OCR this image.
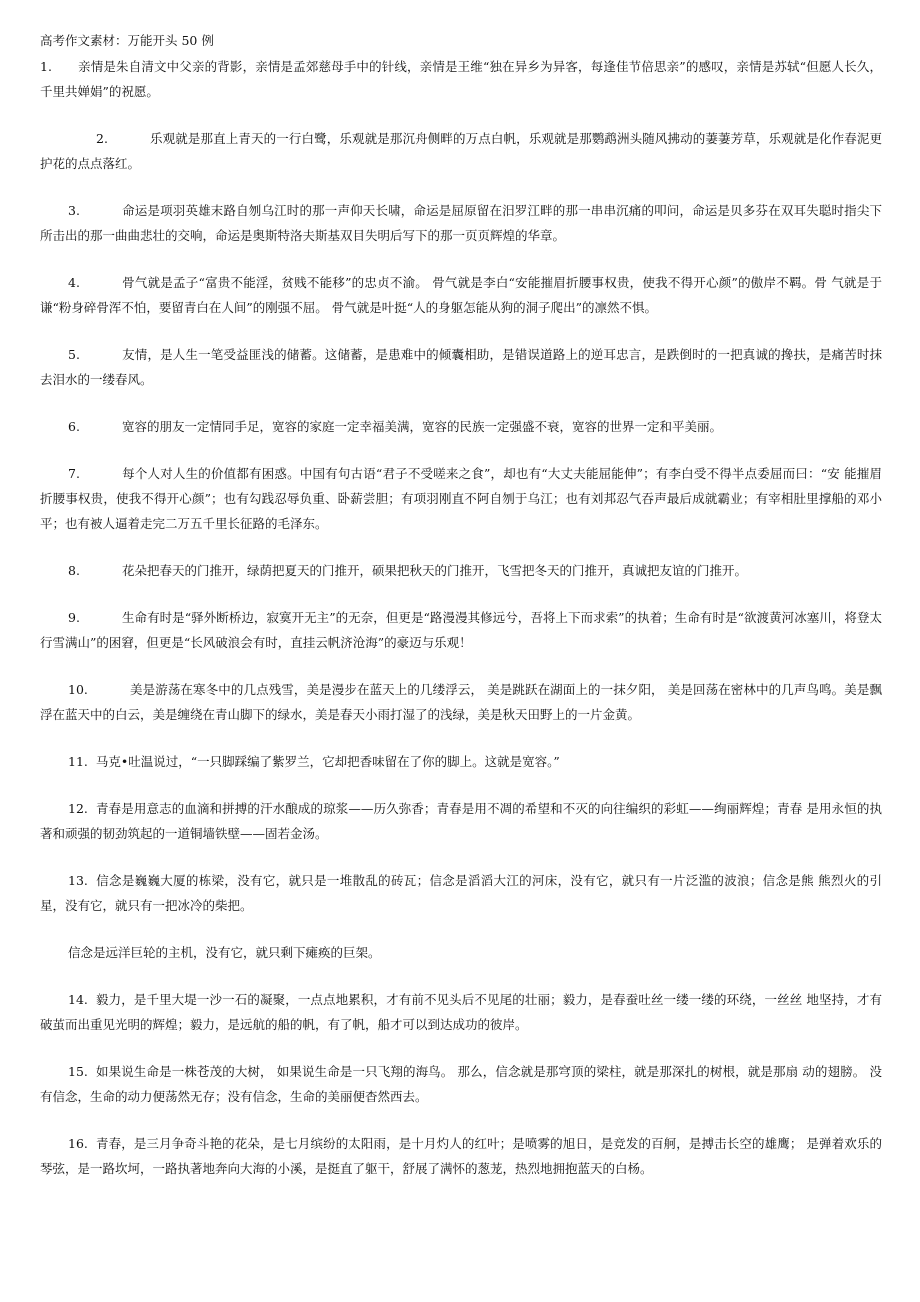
高考作文素材：万能开头 50 例

1. 亲情是朱自清文中父亲的背影，亲情是孟郊慈母手中的针线，亲情是王维“独在异乡为异客，每逢佳节倍思亲”的感叹，亲情是苏轼“但愿人长久，千里共婵娟”的祝愿。

2.	乐观就是那直上青天的一行白鹭，乐观就是那沉舟侧畔的万点白帆，乐观就是那鹦鹉洲头随风拂动的萋萋芳草，乐观就是化作春泥更护花的点点落红。

3.	命运是项羽英雄末路自刎乌江时的那一声仰天长啸，命运是屈原留在汨罗江畔的那一串串沉痛的叩问，命运是贝多芬在双耳失聪时指尖下所击出的那一曲曲悲壮的交响，命运是奥斯特洛夫斯基双目失明后写下的那一页页辉煌的华章。

4.	骨气就是孟子“富贵不能淫，贫贱不能移”的忠贞不渝。 骨气就是李白“安能摧眉折腰事权贵，使我不得开心颜”的傲岸不羁。骨 气就是于谦“粉身碎骨浑不怕，要留青白在人间”的刚强不屈。 骨气就是叶挺“人的身躯怎能从狗的洞子爬出”的凛然不惧。

5.	友情，是人生一笔受益匪浅的储蓄。这储蓄，是患难中的倾囊相助，是错误道路上的逆耳忠言，是跌倒时的一把真诚的搀扶，是痛苦时抹去泪水的一缕春风。

6.	宽容的朋友一定情同手足，宽容的家庭一定幸福美满，宽容的民族一定强盛不衰，宽容的世界一定和平美丽。

7.	每个人对人生的价值都有困惑。中国有句古语“君子不受嗟来之食”，却也有“大丈夫能屈能伸”；有李白受不得半点委屈而曰：“安 能摧眉折腰事权贵，使我不得开心颜”；也有勾践忍辱负重、卧薪尝胆；有项羽刚直不阿自刎于乌江；也有刘邦忍气吞声最后成就霸业；有宰相肚里撑船的邓小平；也有被人逼着走完二万五千里长征路的毛泽东。

8.	花朵把春天的门推开，绿荫把夏天的门推开，硕果把秋天的门推开，飞雪把冬天的门推开，真诚把友谊的门推开。

9.	生命有时是“驿外断桥边，寂寞开无主”的无奈，但更是“路漫漫其修远兮，吾将上下而求索”的执着；生命有时是“欲渡黄河冰塞川，将登太行雪满山”的困窘，但更是“长风破浪会有时，直挂云帆济沧海”的豪迈与乐观！

10.	美是游荡在寒冬中的几点残雪，美是漫步在蓝天上的几缕浮云， 美是跳跃在湖面上的一抹夕阳， 美是回荡在密林中的几声鸟鸣。美是飘浮在蓝天中的白云，美是缠绕在青山脚下的绿水，美是春天小雨打湿了的浅绿，美是秋天田野上的一片金黄。

11. 马克•吐温说过，“一只脚踩编了紫罗兰，它却把香味留在了你的脚上。这就是宽容。”

12. 青春是用意志的血滴和拼搏的汗水酿成的琼浆——历久弥香；青春是用不凋的希望和不灭的向往编织的彩虹——绚丽辉煌；青春 是用永恒的执著和顽强的韧劲筑起的一道铜墙铁壁——固若金汤。

13. 信念是巍巍大厦的栋梁，没有它，就只是一堆散乱的砖瓦；信念是滔滔大江的河床，没有它，就只有一片泛滥的波浪；信念是熊 熊烈火的引星，没有它，就只有一把冰冷的柴把。

信念是远洋巨轮的主机，没有它，就只剩下瘫痪的巨架。

14. 毅力，是千里大堤一沙一石的凝聚，一点点地累积，才有前不见头后不见尾的壮丽；毅力，是春蚕吐丝一缕一缕的环绕，一丝丝 地坚持，才有破茧而出重见光明的辉煌；毅力，是远航的船的帆，有了帆，船才可以到达成功的彼岸。

15. 如果说生命是一株苍茂的大树， 如果说生命是一只飞翔的海鸟。 那么，信念就是那穹顶的梁柱，就是那深扎的树根，就是那扇 动的翅膀。 没有信念，生命的动力便荡然无存；没有信念，生命的美丽便杳然西去。

16. 青春，是三月争奇斗艳的花朵，是七月缤纷的太阳雨，是十月灼人的红叶；是喷雾的旭日，是竞发的百舸，是搏击长空的雄鹰； 是弹着欢乐的琴弦，是一路坎坷，一路执著地奔向大海的小溪，是挺直了躯干，舒展了满怀的葱茏，热烈地拥抱蓝天的白杨。
